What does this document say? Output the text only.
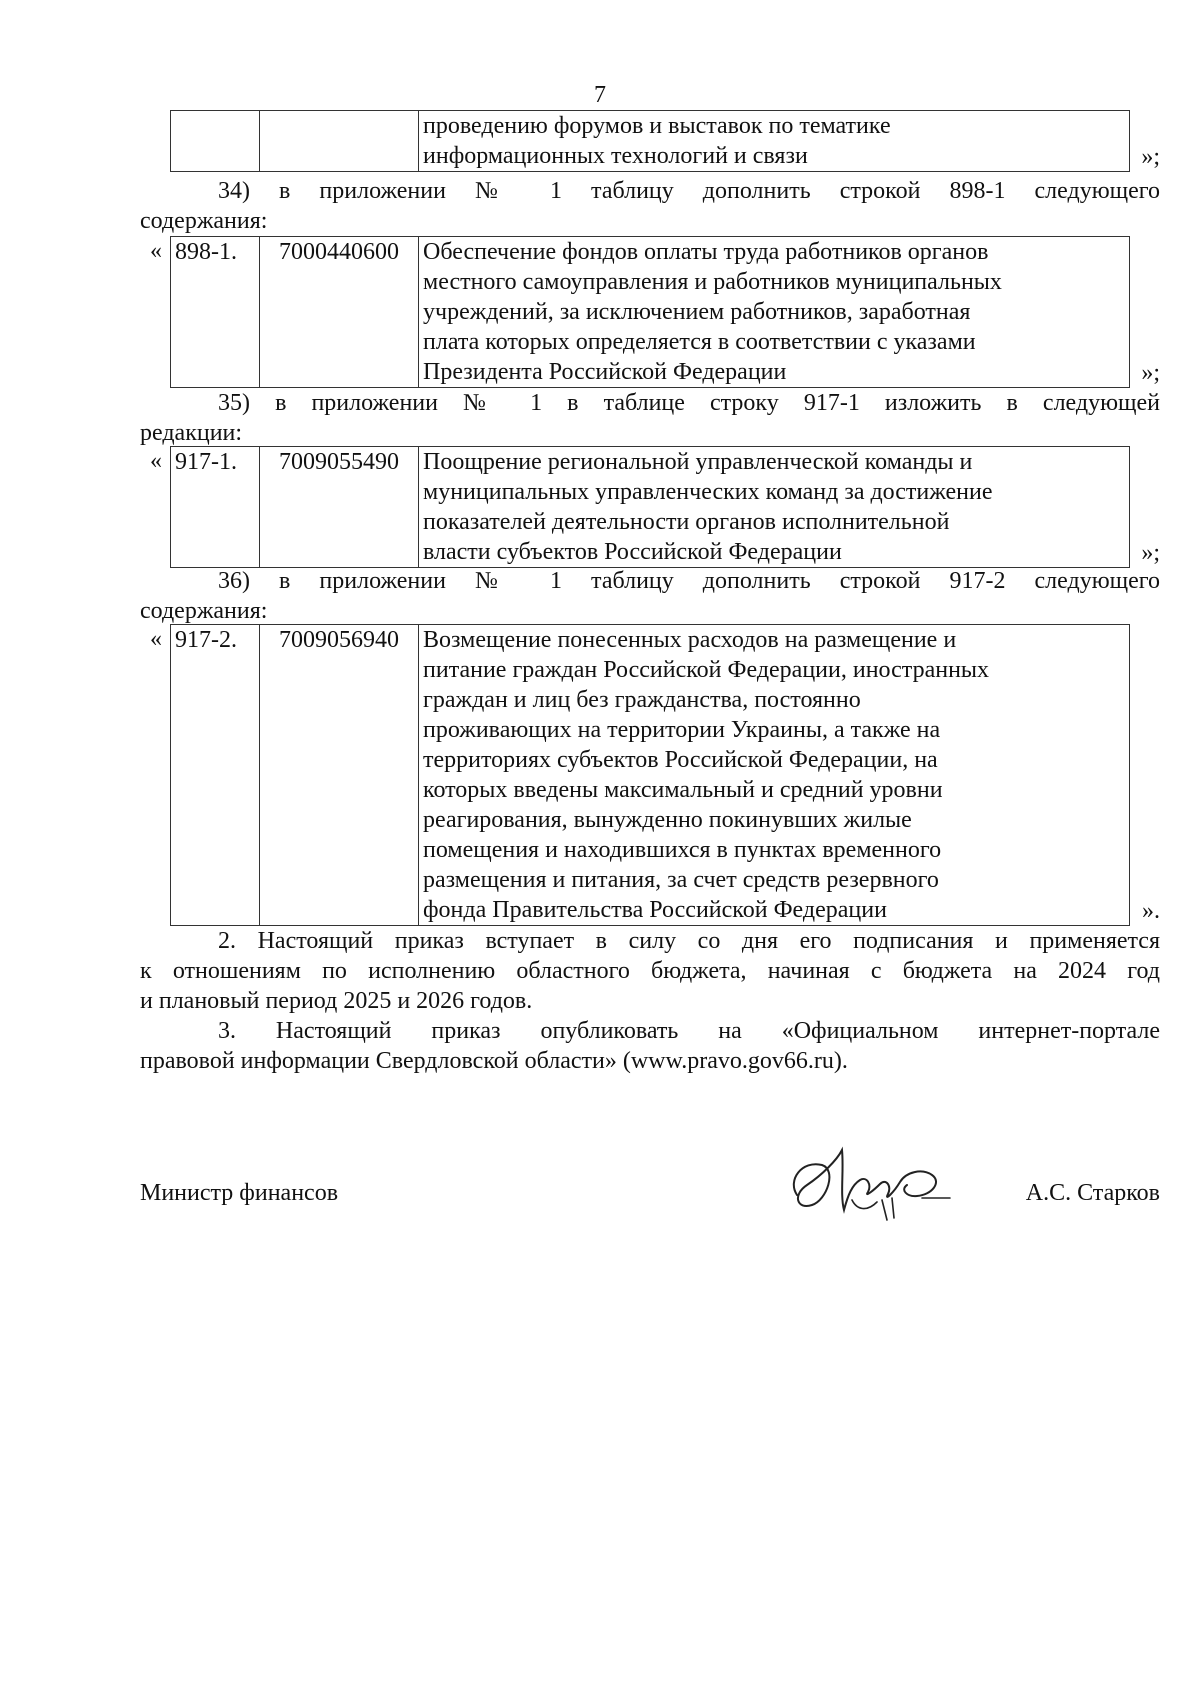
7

проведению форумов и выставок по тематике
информационных технологий и связи	»;
34) в приложении № 1 таблицу дополнить строкой 898-1 следующего
содержания:
« 898-1.	7000440600	Обеспечение фондов оплаты труда работников органов
местного самоуправления и работников муниципальных
учреждений, за исключением работников, заработная
плата которых определяется в соответствии с указами
Президента Российской Федерации	»;
35) в приложении № 1 в таблице строку 917-1 изложить в следующей
редакции:
« 917-1.	7009055490	Поощрение региональной управленческой команды и
муниципальных управленческих команд за достижение
показателей деятельности органов исполнительной
власти субъектов Российской Федерации	»;
36) в приложении № 1 таблицу дополнить строкой 917-2 следующего
содержания:
« 917-2.	7009056940	Возмещение понесенных расходов на размещение и
питание граждан Российской Федерации, иностранных
граждан и лиц без гражданства, постоянно
проживающих на территории Украины, а также на
территориях субъектов Российской Федерации, на
которых введены максимальный и средний уровни
реагирования, вынужденно покинувших жилые
помещения и находившихся в пунктах временного
размещения и питания, за счет средств резервного
фонда Правительства Российской Федерации	».
2. Настоящий приказ вступает в силу со дня его подписания и применяется
к отношениям по исполнению областного бюджета, начиная с бюджета на 2024 год
и плановый период 2025 и 2026 годов.
3. Настоящий приказ опубликовать на «Официальном интернет-портале
правовой информации Свердловской области» (www.pravo.gov66.ru).
Министр финансов	А.С. Старков
